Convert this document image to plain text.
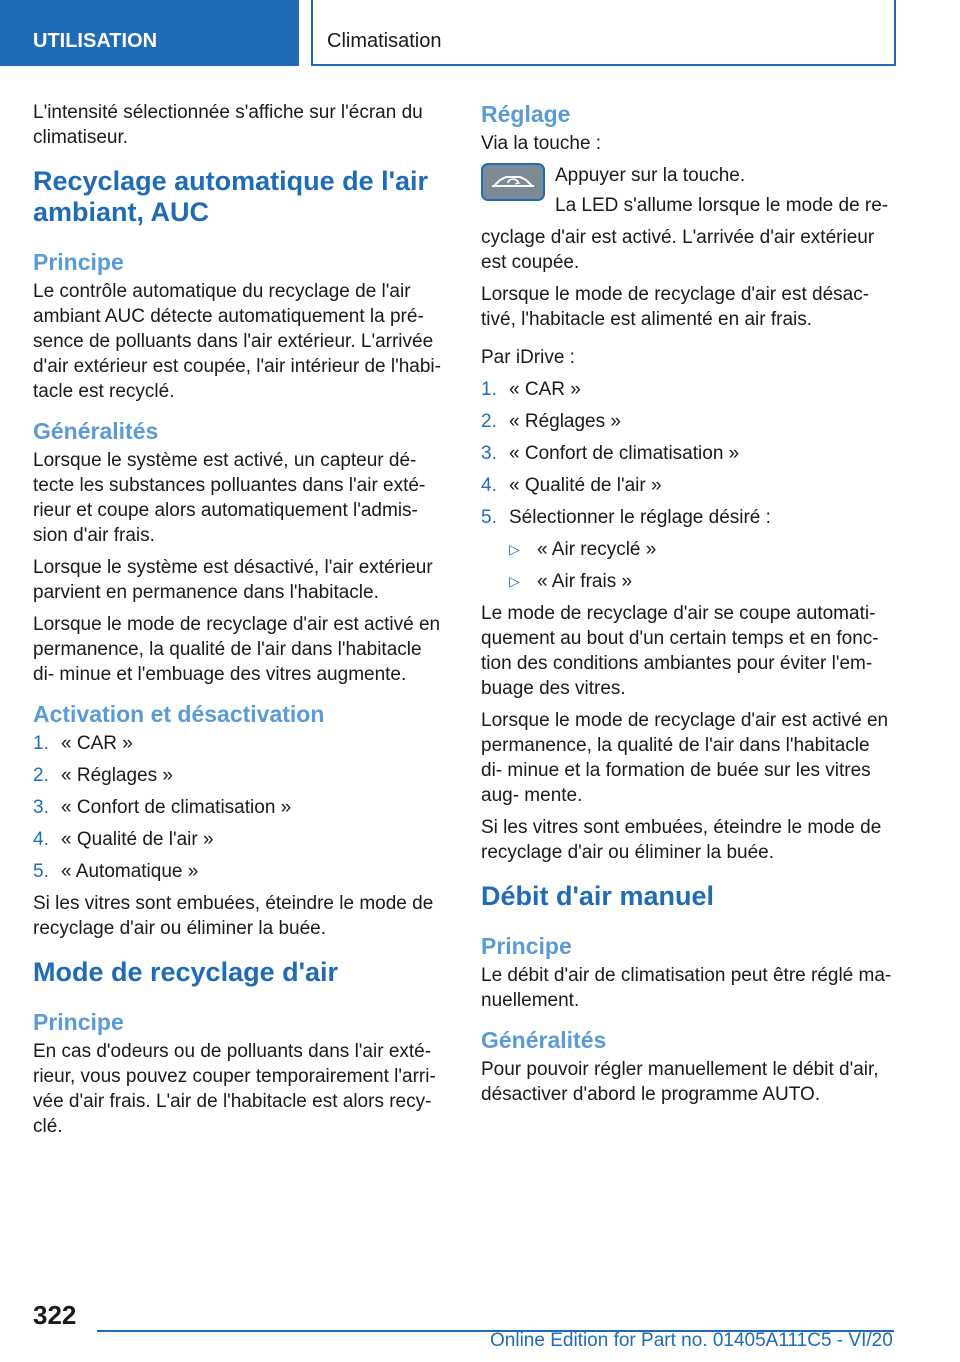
UTILISATION	Climatisation

L'intensité sélectionnée s'affiche sur l'écran du climatiseur.

Recyclage automatique de l'air ambiant, AUC
Principe

Le contrôle automatique du recyclage de l'air ambiant AUC détecte automatiquement la pré- sence de polluants dans l'air extérieur. L'arrivée d'air extérieur est coupée, l'air intérieur de l'habi- tacle est recyclé.

Généralités

Lorsque le système est activé, un capteur dé- tecte les substances polluantes dans l'air exté- rieur et coupe alors automatiquement l'admis- sion d'air frais.

Lorsque le système est désactivé, l'air extérieur parvient en permanence dans l'habitacle.

Lorsque le mode de recyclage d'air est activé en permanence, la qualité de l'air dans l'habitacle di- minue et l'embuage des vitres augmente.

Activation et désactivation
1. « CAR »
2. « Réglages »
3. « Confort de climatisation »
4. « Qualité de l'air »
5. « Automatique »

Si les vitres sont embuées, éteindre le mode de recyclage d'air ou éliminer la buée.

Mode de recyclage d'air
Principe

En cas d'odeurs ou de polluants dans l'air exté- rieur, vous pouvez couper temporairement l'arri- vée d'air frais. L'air de l'habitacle est alors recy- clé.

Réglage

Via la touche :

Appuyer sur la touche.

La LED s'allume lorsque le mode de re-

cyclage d'air est activé. L'arrivée d'air extérieur est coupée.

Lorsque le mode de recyclage d'air est désac- tivé, l'habitacle est alimenté en air frais.

Par iDrive :

1. « CAR »
2. « Réglages »
3. « Confort de climatisation »
4. « Qualité de l'air »
5. Sélectionner le réglage désiré :
▷ « Air recyclé »
▷ « Air frais »

Le mode de recyclage d'air se coupe automati- quement au bout d'un certain temps et en fonc- tion des conditions ambiantes pour éviter l'em- buage des vitres.

Lorsque le mode de recyclage d'air est activé en permanence, la qualité de l'air dans l'habitacle di- minue et la formation de buée sur les vitres aug- mente.

Si les vitres sont embuées, éteindre le mode de recyclage d'air ou éliminer la buée.

Débit d'air manuel
Principe

Le débit d'air de climatisation peut être réglé ma- nuellement.

Généralités

Pour pouvoir régler manuellement le débit d'air, désactiver d'abord le programme AUTO.

322
Online Edition for Part no. 01405A111C5 - VI/20
